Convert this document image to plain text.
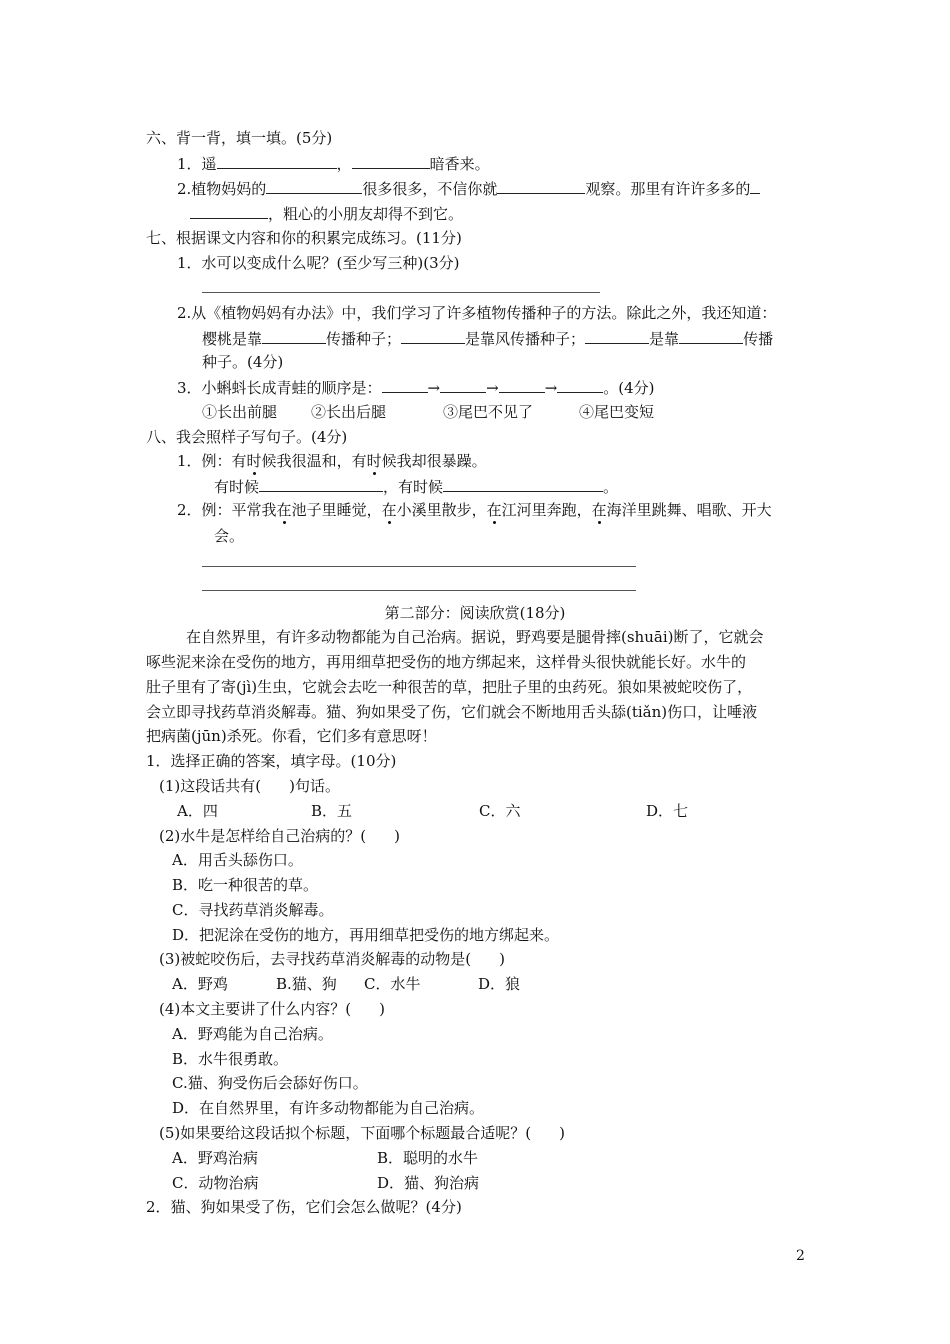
六、背一背，填一填。(5分)
1．遥	，	暗香来。
2.植物妈妈的	很多很多，不信你就	观察。那里有许许多多的
，粗心的小朋友却得不到它。
七、根据课文内容和你的积累完成练习。(11分)
1．水可以变成什么呢？(至少写三种)(3分)
2.从《植物妈妈有办法》中，我们学习了许多植物传播种子的方法。除此之外，我还知道：
樱桃是靠	传播种子；	是靠风传播种子；	是靠	传播
种子。(4分)
3．小蝌蚪长成青蛙的顺序是：	→	→	→	。(4分)
①长出前腿 ②长出后腿	③尾巴不见了	④尾巴变短
八、我会照样子写句子。(4分)
1．例：有时候我很温和，有时候我却很暴躁。
有时候	，有时候	。
2．例：平常我在池子里睡觉，在小溪里散步，在江河里奔跑，在海洋里跳舞、唱歌、开大
会。
第二部分：阅读欣赏(18分)
在自然界里，有许多动物都能为自己治病。据说，野鸡要是腿骨摔(shuāi)断了，它就会
啄些泥来涂在受伤的地方，再用细草把受伤的地方绑起来，这样骨头很快就能长好。水牛的
肚子里有了寄(jì)生虫，它就会去吃一种很苦的草，把肚子里的虫药死。狼如果被蛇咬伤了，
会立即寻找药草消炎解毒。猫、狗如果受了伤，它们就会不断地用舌头舔(tiǎn)伤口，让唾液
把病菌(jūn)杀死。你看，它们多有意思呀！
1．选择正确的答案，填字母。(10分)
(1)这段话共有( )句话。
A．四	B．五	C．六	D．七
(2)水牛是怎样给自己治病的？( )
A．用舌头舔伤口。
B．吃一种很苦的草。
C．寻找药草消炎解毒。
D．把泥涂在受伤的地方，再用细草把受伤的地方绑起来。
(3)被蛇咬伤后，去寻找药草消炎解毒的动物是( )
A．野鸡	B.猫、狗 C．水牛	D．狼
(4)本文主要讲了什么内容？( )
A．野鸡能为自己治病。
B．水牛很勇敢。
C.猫、狗受伤后会舔好伤口。
D．在自然界里，有许多动物都能为自己治病。
(5)如果要给这段话拟个标题，下面哪个标题最合适呢？( )
A．野鸡治病	B．聪明的水牛
C．动物治病	D．猫、狗治病
2．猫、狗如果受了伤，它们会怎么做呢？(4分)
2
